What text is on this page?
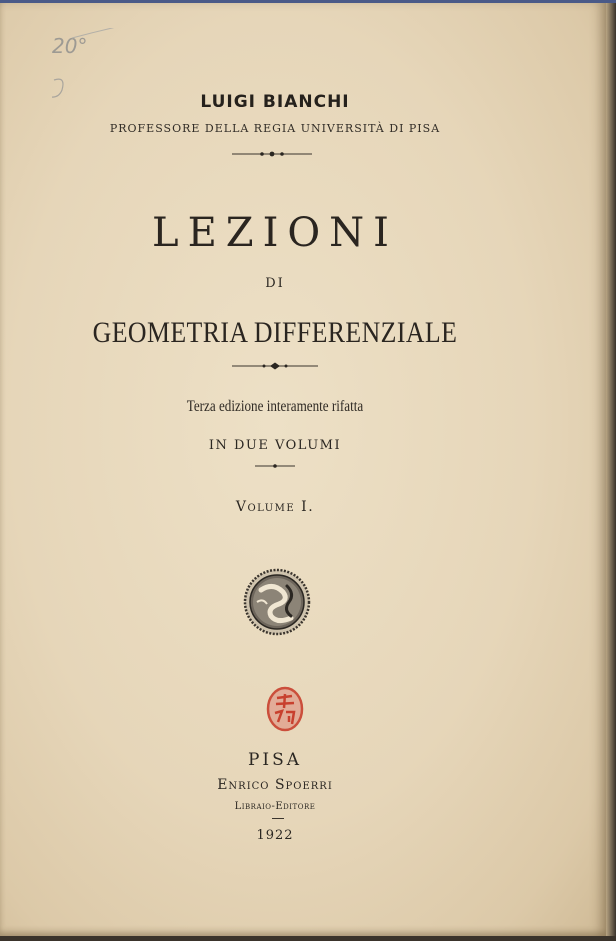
20°
LUIGI BIANCHI
PROFESSORE DELLA REGIA UNIVERSITÀ DI PISA
LEZIONI
DI
GEOMETRIA DIFFERENZIALE
Terza edizione interamente rifatta
IN DUE VOLUMI
Volume I.
PISA
Enrico Spoerri
Libraio-Editore
1922
